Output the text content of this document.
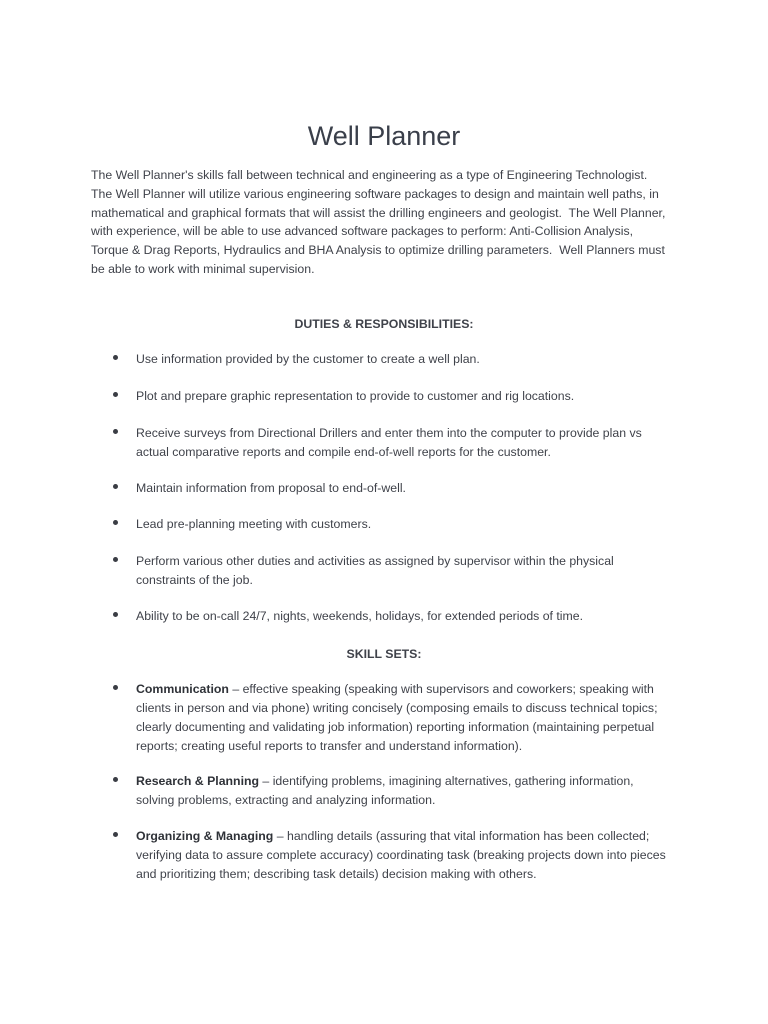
Well Planner
The Well Planner's skills fall between technical and engineering as a type of Engineering Technologist.
The Well Planner will utilize various engineering software packages to design and maintain well paths, in
mathematical and graphical formats that will assist the drilling engineers and geologist.  The Well Planner,
with experience, will be able to use advanced software packages to perform: Anti-Collision Analysis,
Torque & Drag Reports, Hydraulics and BHA Analysis to optimize drilling parameters.  Well Planners must
be able to work with minimal supervision.
DUTIES & RESPONSIBILITIES:
Use information provided by the customer to create a well plan.
Plot and prepare graphic representation to provide to customer and rig locations.
Receive surveys from Directional Drillers and enter them into the computer to provide plan vs
actual comparative reports and compile end-of-well reports for the customer.
Maintain information from proposal to end-of-well.
Lead pre-planning meeting with customers.
Perform various other duties and activities as assigned by supervisor within the physical
constraints of the job.
Ability to be on-call 24/7, nights, weekends, holidays, for extended periods of time.
SKILL SETS:
Communication – effective speaking (speaking with supervisors and coworkers; speaking with
clients in person and via phone) writing concisely (composing emails to discuss technical topics;
clearly documenting and validating job information) reporting information (maintaining perpetual
reports; creating useful reports to transfer and understand information).
Research & Planning – identifying problems, imagining alternatives, gathering information,
solving problems, extracting and analyzing information.
Organizing & Managing – handling details (assuring that vital information has been collected;
verifying data to assure complete accuracy) coordinating task (breaking projects down into pieces
and prioritizing them; describing task details) decision making with others.
